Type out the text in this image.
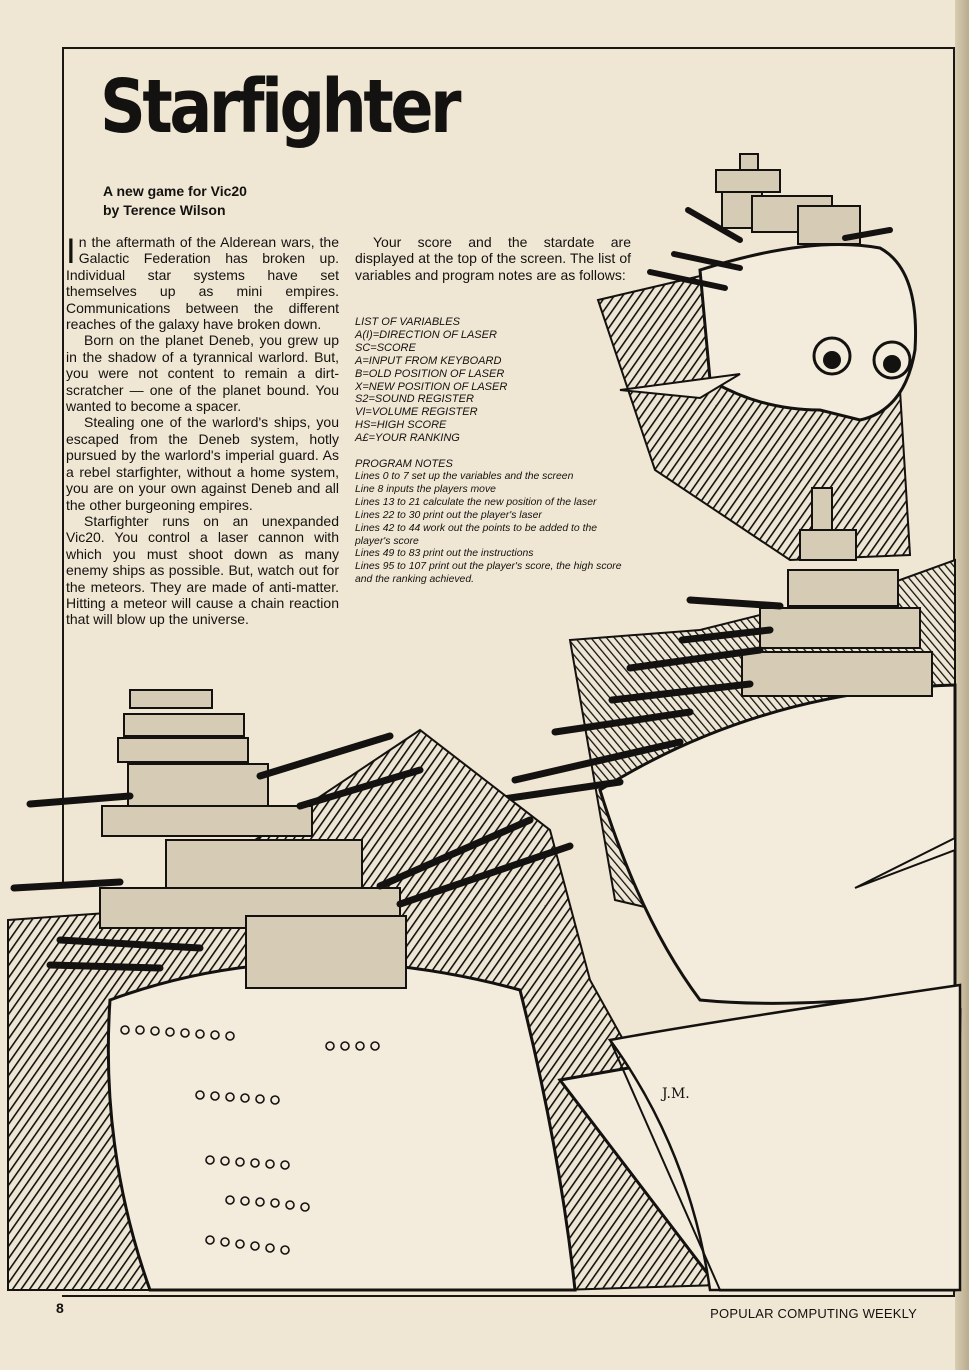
J.M.
Starfighter
A new game for Vic20
by Terence Wilson

In the aftermath of the Alderean wars, the Galactic Federation has broken up. Individual star systems have set themselves up as mini empires. Communications between the different reaches of the galaxy have broken down.

Born on the planet Deneb, you grew up in the shadow of a tyrannical warlord. But, you were not content to remain a dirt-scratcher — one of the planet bound. You wanted to become a spacer.

Stealing one of the warlord's ships, you escaped from the Deneb system, hotly pursued by the warlord's imperial guard. As a rebel starfighter, without a home system, you are on your own against Deneb and all the other burgeoning empires.

Starfighter runs on an unexpanded Vic20. You control a laser cannon with which you must shoot down as many enemy ships as possible. But, watch out for the meteors. They are made of anti-matter. Hitting a meteor will cause a chain reaction that will blow up the universe.

Your score and the stardate are displayed at the top of the screen. The list of variables and program notes are as follows:

LIST OF VARIABLES
A(I)=DIRECTION OF LASER
SC=SCORE
A=INPUT FROM KEYBOARD
B=OLD POSITION OF LASER
X=NEW POSITION OF LASER
S2=SOUND REGISTER
VI=VOLUME REGISTER
HS=HIGH SCORE
A£=YOUR RANKING
PROGRAM NOTES
Lines 0 to 7 set up the variables and the screen
Line 8 inputs the players move
Lines 13 to 21 calculate the new position of the laser
Lines 22 to 30 print out the player's laser
Lines 42 to 44 work out the points to be added to the player's score
Lines 49 to 83 print out the instructions
Lines 95 to 107 print out the player's score, the high score and the ranking achieved.
8	POPULAR COMPUTING WEEKLY
